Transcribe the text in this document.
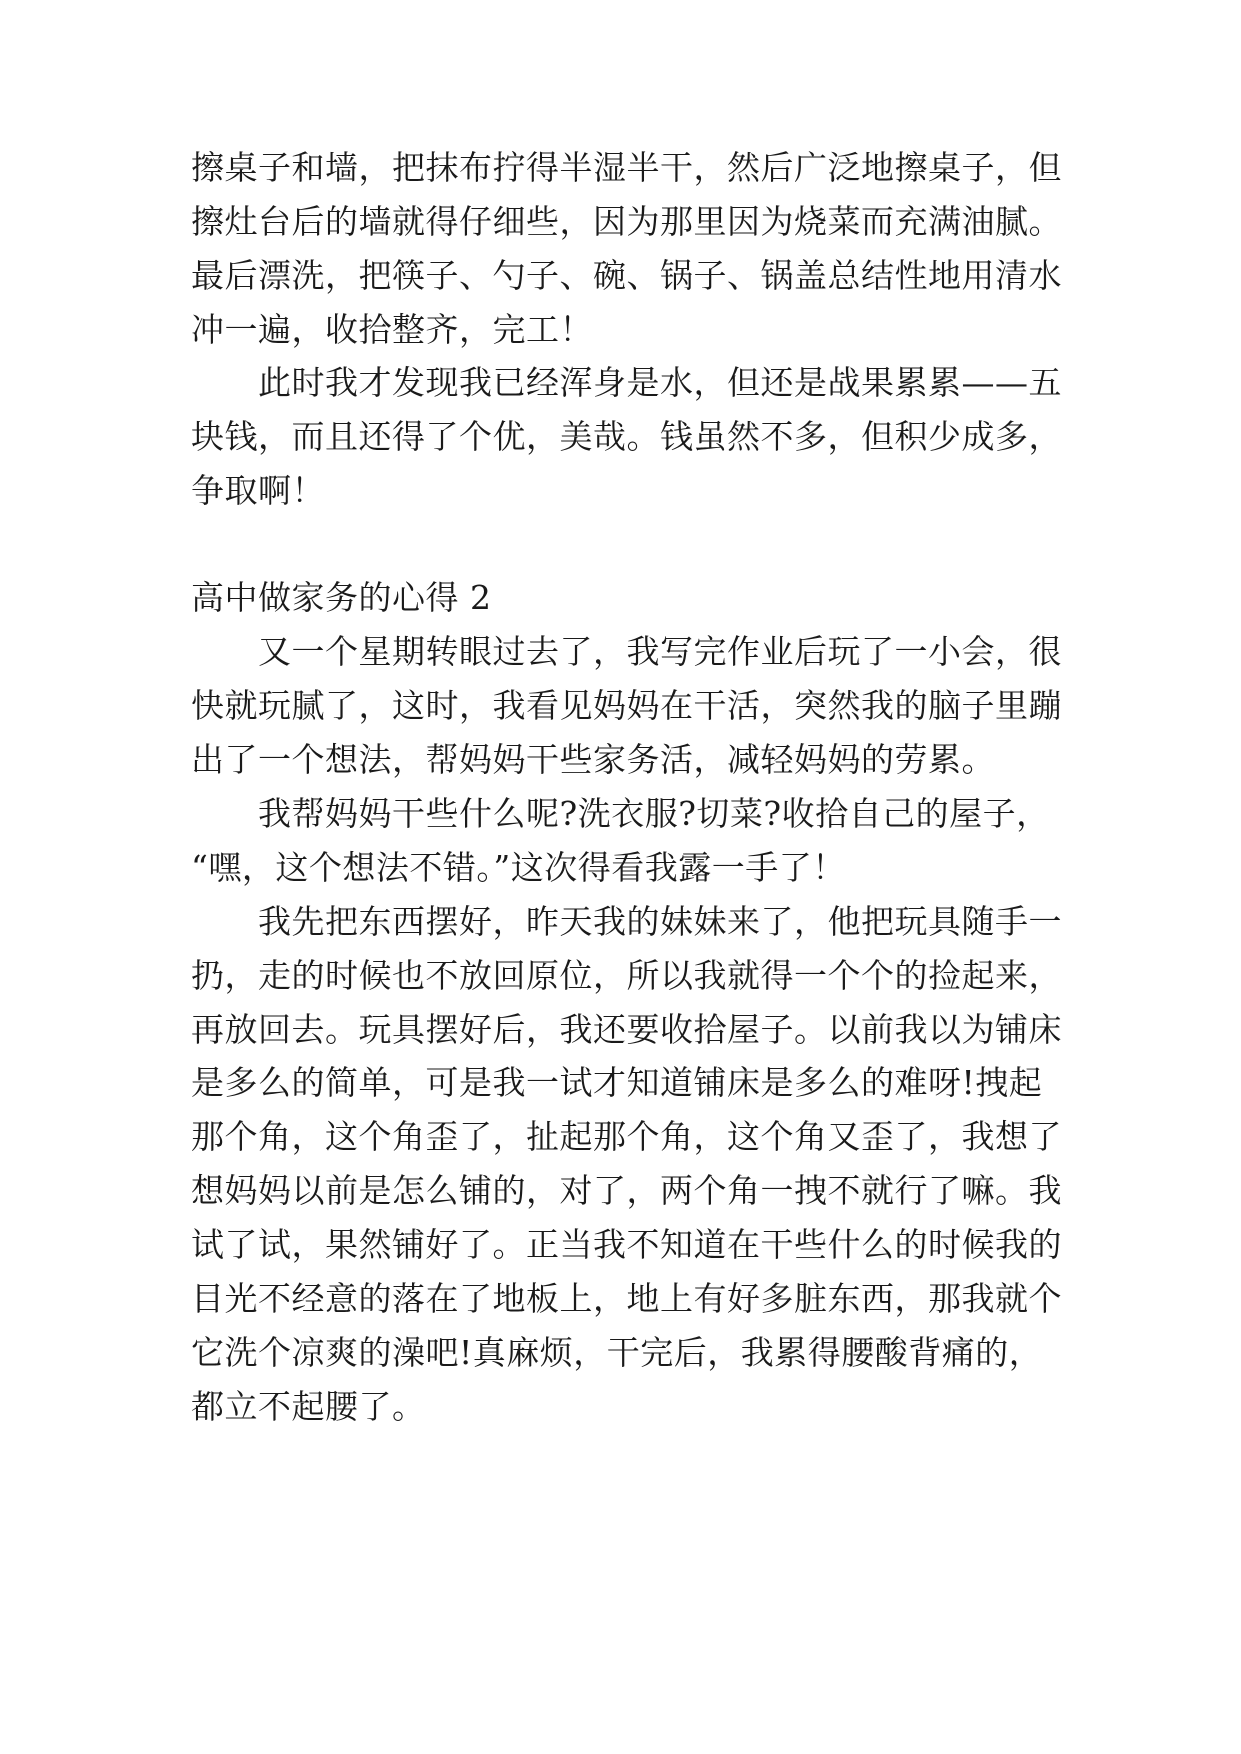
擦桌子和墙，把抹布拧得半湿半干，然后广泛地擦桌子，但
擦灶台后的墙就得仔细些，因为那里因为烧菜而充满油腻。
最后漂洗，把筷子、勺子、碗、锅子、锅盖总结性地用清水
冲一遍，收拾整齐，完工！
此时我才发现我已经浑身是水，但还是战果累累——五
块钱，而且还得了个优，美哉。钱虽然不多，但积少成多，
争取啊！
高中做家务的心得 2
又一个星期转眼过去了，我写完作业后玩了一小会，很
快就玩腻了，这时，我看见妈妈在干活，突然我的脑子里蹦
出了一个想法，帮妈妈干些家务活，减轻妈妈的劳累。
我帮妈妈干些什么呢?洗衣服?切菜?收拾自己的屋子，
“嘿，这个想法不错。”这次得看我露一手了！
我先把东西摆好，昨天我的妹妹来了，他把玩具随手一
扔，走的时候也不放回原位，所以我就得一个个的捡起来，
再放回去。玩具摆好后，我还要收拾屋子。以前我以为铺床
是多么的简单，可是我一试才知道铺床是多么的难呀!拽起
那个角，这个角歪了，扯起那个角，这个角又歪了，我想了
想妈妈以前是怎么铺的，对了，两个角一拽不就行了嘛。我
试了试，果然铺好了。正当我不知道在干些什么的时候我的
目光不经意的落在了地板上，地上有好多脏东西，那我就个
它洗个凉爽的澡吧!真麻烦，干完后，我累得腰酸背痛的，
都立不起腰了。
